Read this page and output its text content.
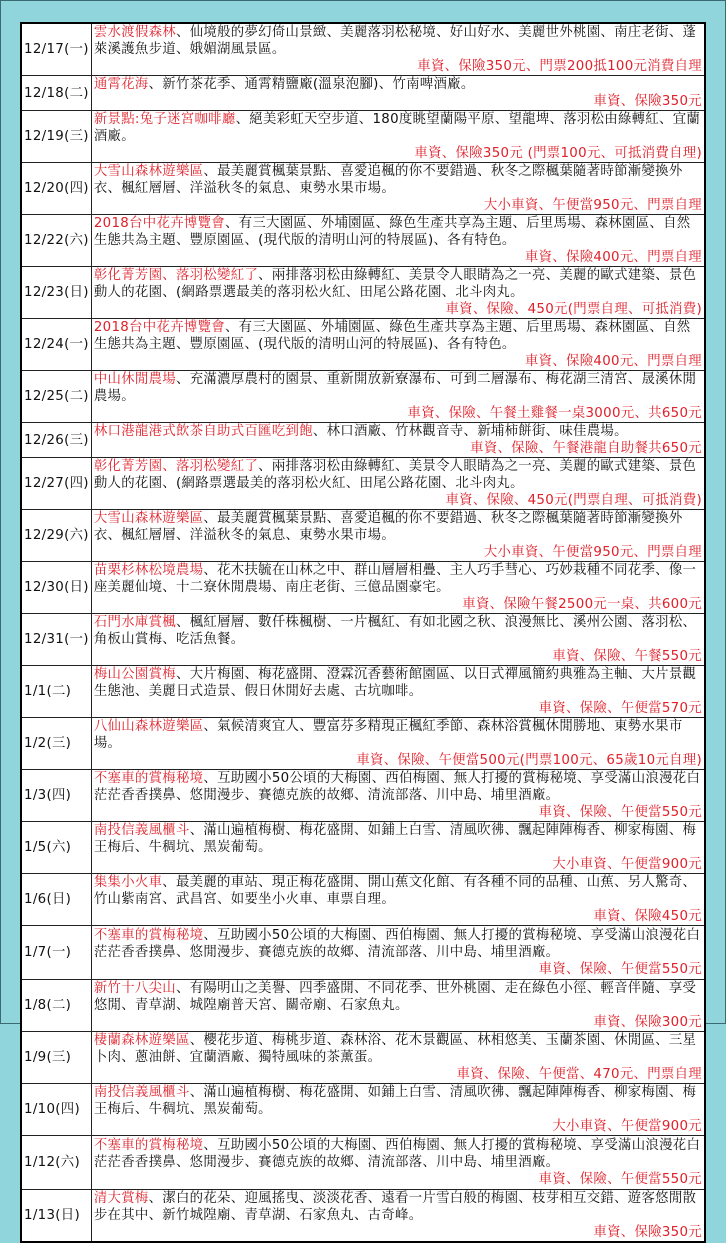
12/17(一)	雲水渡假森林、仙境般的夢幻倚山景緻、美麗落羽松秘境、好山好水、美麗世外桃園、南庄老街、蓬萊溪護魚步道、娥媚湖風景區。
車資、保險350元、門票200抵100元消費自理

12/18(二)	通霄花海、新竹茶花季、通霄精鹽廠(溫泉泡腳)、竹南啤酒廠。
車資、保險350元

12/19(三)	新景點:兔子迷宮咖啡廳、絕美彩虹天空步道、180度眺望蘭陽平原、望龍埤、落羽松由綠轉紅、宜蘭酒廠。
車資、保險350元 (門票100元、可抵消費自理)

12/20(四)	大雪山森林遊樂區、最美麗賞楓葉景點、喜愛追楓的你不要錯過、秋冬之際楓葉隨著時節漸變換外衣、楓紅層層、洋溢秋冬的氣息、東勢水果市場。
大小車資、午便當950元、門票自理

12/22(六)	2018台中花卉博覽會、有三大園區、外埔園區、綠色生產共享為主題、后里馬場、森林園區、自然生態共為主題、豐原園區、(現代版的清明山河的特展區)、各有特色。
車資、保險400元、門票自理

12/23(日)	彰化菁芳園、落羽松變紅了、兩排落羽松由綠轉紅、美景令人眼睛為之一亮、美麗的歐式建築、景色動人的花園、(網路票選最美的落羽松火紅、田尾公路花園、北斗肉丸。
車資、保險、450元(門票自理、可抵消費)

12/24(一)	2018台中花卉博覽會、有三大園區、外埔園區、綠色生產共享為主題、后里馬場、森林園區、自然生態共為主題、豐原園區、(現代版的清明山河的特展區)、各有特色。
車資、保險400元、門票自理

12/25(二)	中山休閒農場、充滿濃厚農村的園景、重新開放新寮瀑布、可到二層瀑布、梅花湖三清宮、晟溪休閒農場。
車資、保險、午餐土雞餐一桌3000元、共650元

12/26(三)	林口港龍港式飲茶自助式百匯吃到飽、林口酒廠、竹林觀音寺、新埔柿餅街、味佳農場。
車資、保險、午餐港龍自助餐共650元

12/27(四)	彰化菁芳園、落羽松變紅了、兩排落羽松由綠轉紅、美景令人眼睛為之一亮、美麗的歐式建築、景色動人的花園、(網路票選最美的落羽松火紅、田尾公路花園、北斗肉丸。
車資、保險、450元(門票自理、可抵消費)

12/29(六)	大雪山森林遊樂區、最美麗賞楓葉景點、喜愛追楓的你不要錯過、秋冬之際楓葉隨著時節漸變換外衣、楓紅層層、洋溢秋冬的氣息、東勢水果市場。
大小車資、午便當950元、門票自理

12/30(日)	苗栗杉林松境農場、花木扶毓在山林之中、群山層層相疊、主人巧手彗心、巧妙栽種不同花季、像一座美麗仙境、十二寮休閒農場、南庄老街、三億品園豪宅。
車資、保險午餐2500元一桌、共600元

12/31(一)	石門水庫賞楓、楓紅層層、數仟株楓樹、一片楓紅、有如北國之秋、浪漫無比、溪州公園、落羽松、角板山賞梅、吃活魚餐。
車資、保險、午餐550元

1/1(二)	梅山公園賞梅、大片梅園、梅花盛開、澄霖沉香藝術館園區、以日式禪風簡約典雅為主軸、大片景觀生態池、美麗日式造景、假日休閒好去處、古坑咖啡。
車資、保險、午便當570元

1/2(三)	八仙山森林遊樂區、氣候清爽宜人、豐富芬多精現正楓紅季節、森林浴賞楓休閒勝地、東勢水果市場。
車資、保險、午便當500元(門票100元、65歲10元自理)

1/3(四)	不塞車的賞梅秘境、互助國小50公頃的大梅園、西伯梅園、無人打擾的賞梅秘境、享受滿山浪漫花白茫茫香香撲鼻、悠閒漫步、賽德克族的故鄉、清流部落、川中島、埔里酒廠。
車資、保險、午便當550元

1/5(六)	南投信義風櫃斗、滿山遍植梅樹、梅花盛開、如鋪上白雪、清風吹彿、飄起陣陣梅香、柳家梅園、梅王梅后、牛稠坑、黑炭葡萄。
大小車資、午便當900元

1/6(日)	集集小火車、最美麗的車站、現正梅花盛開、開山蕉文化館、有各種不同的品種、山蕉、另人驚奇、竹山紫南宮、武昌宮、如要坐小火車、車票自理。
車資、保險450元

1/7(一)	不塞車的賞梅秘境、互助國小50公頃的大梅園、西伯梅園、無人打擾的賞梅秘境、享受滿山浪漫花白茫茫香香撲鼻、悠閒漫步、賽德克族的故鄉、清流部落、川中島、埔里酒廠。
車資、保險、午便當550元

1/8(二)	新竹十八尖山、有陽明山之美譽、四季盛開、不同花季、世外桃園、走在綠色小徑、輕音伴隨、享受悠閒、青草湖、城隍廟普天宮、關帝廟、石家魚丸。
車資、保險300元

1/9(三)	棲蘭森林遊樂區、櫻花步道、梅桃步道、森林浴、花木景觀區、林相悠美、玉蘭茶園、休閒區、三星卜肉、蔥油餅、宜蘭酒廠、獨特風味的茶薰蛋。
車資、保險、午便當、470元、門票自理

1/10(四)	南投信義風櫃斗、滿山遍植梅樹、梅花盛開、如鋪上白雪、清風吹彿、飄起陣陣梅香、柳家梅園、梅王梅后、牛稠坑、黑炭葡萄。
大小車資、午便當900元

1/12(六)	不塞車的賞梅秘境、互助國小50公頃的大梅園、西伯梅園、無人打擾的賞梅秘境、享受滿山浪漫花白茫茫香香撲鼻、悠閒漫步、賽德克族的故鄉、清流部落、川中島、埔里酒廠。
車資、保險、午便當550元

1/13(日)	清大賞梅、潔白的花朵、迎風搖曳、淡淡花香、遠看一片雪白般的梅園、枝芽相互交錯、遊客悠閒散步在其中、新竹城隍廟、青草湖、石家魚丸、古奇峰。
車資、保險350元
